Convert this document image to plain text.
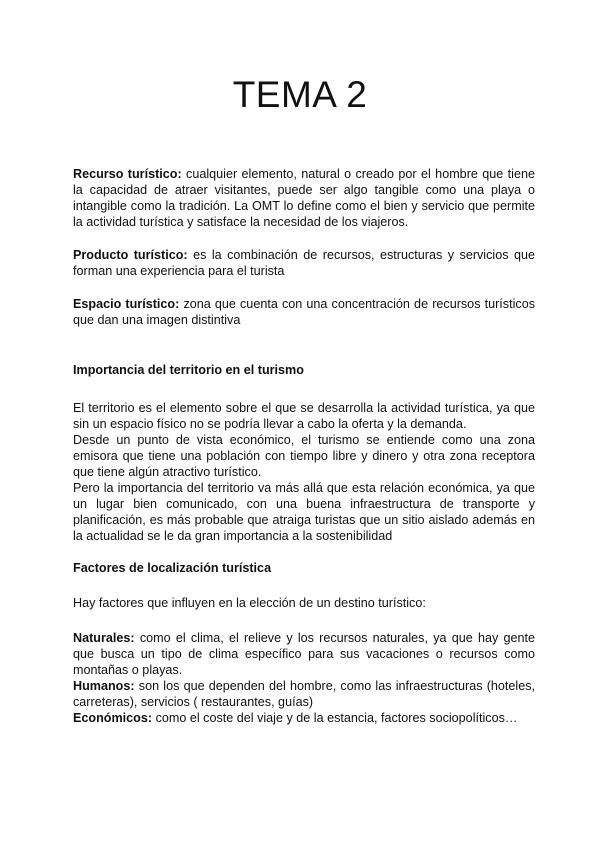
TEMA 2

Recurso turístico: cualquier elemento, natural o creado por el hombre que tiene la capacidad de atraer visitantes, puede ser algo tangible como una playa o intangible como la tradición. La OMT lo define como el bien y servicio que permite la actividad turística y satisface la necesidad de los viajeros.

Producto turístico: es la combinación de recursos, estructuras y servicios que forman una experiencia para el turista

Espacio turístico: zona que cuenta con una concentración de recursos turísticos que dan una imagen distintiva

Importancia del territorio en el turismo

El territorio es el elemento sobre el que se desarrolla la actividad turística, ya que sin un espacio físico no se podría llevar a cabo la oferta y la demanda.

Desde un punto de vista económico, el turismo se entiende como una zona emisora que tiene una población con tiempo libre y dinero y otra zona receptora que tiene algún atractivo turístico.

Pero la importancia del territorio va más allá que esta relación económica, ya que un lugar bien comunicado, con una buena infraestructura de transporte y planificación, es más probable que atraiga turistas que un sitio aislado además en la actualidad se le da gran importancia a la sostenibilidad

Factores de localización turística

Hay factores que influyen en la elección de un destino turístico:

Naturales: como el clima, el relieve y los recursos naturales, ya que hay gente que busca un tipo de clima específico para sus vacaciones o recursos como montañas o playas.

Humanos: son los que dependen del hombre, como las infraestructuras (hoteles, carreteras), servicios ( restaurantes, guías)

Económicos: como el coste del viaje y de la estancia, factores sociopolíticos…
